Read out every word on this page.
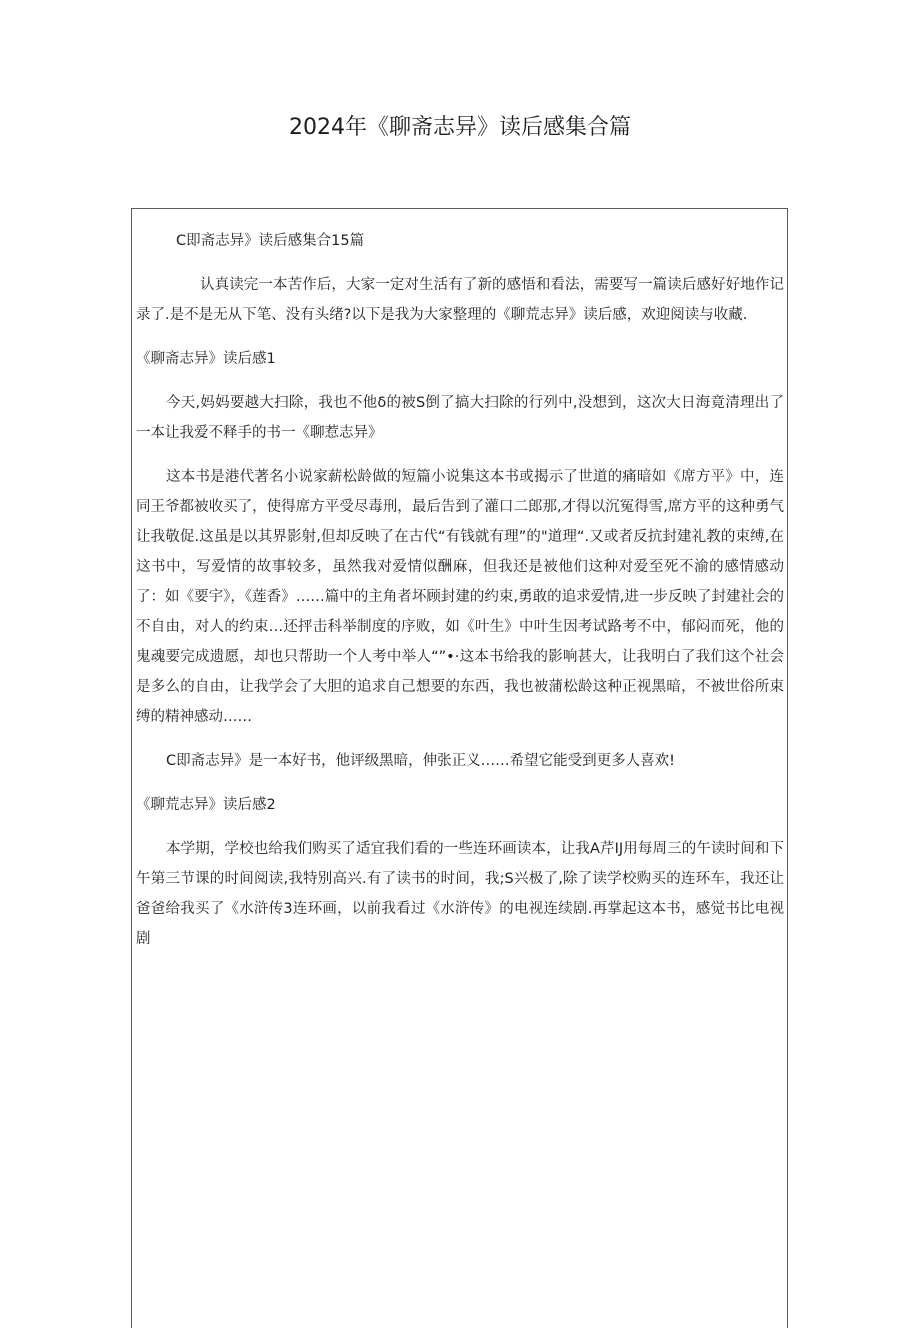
2024年《聊斋志异》读后感集合篇

C即斋志异》读后感集合15篇

认真读完一本苦作后，大家一定对生活有了新的感悟和看法，需要写一篇读后感好好地作记录了.是不是无从下笔、没有头绪?以下是我为大家整理的《聊荒志异》读后感，欢迎阅读与收藏.

《聊斋志异》读后感1

今天,妈妈要越大扫除，我也不他δ的被S倒了搞大扫除的行列中,没想到，这次大日海竟清理出了一本让我爱不释手的书一《聊惹志异》

这本书是港代著名小说家薪松龄做的短篇小说集这本书或揭示了世道的痛暗如《席方平》中，连同王爷都被收买了，使得席方平受尽毒刑，最后告到了灌口二郎那,才得以沉冤得雪,席方平的这种勇气让我敬促.这虽是以其界影射,但却反映了在古代“有钱就有理”的"道理“.又或者反抗封建礼教的束缚,在这书中，写爱情的故事较多，虽然我对爱情似酬麻，但我还是被他们这种对爱至死不渝的感情感动了：如《要宇》，《莲香》……篇中的主角者坏顾封建的约束,勇敢的追求爱情,进一步反映了封建社会的不自由，对人的约束…还抨击科举制度的序败，如《叶生》中叶生因考试路考不中，郁闷而死，他的鬼魂要完成遗愿，却也只帮助一个人考中举人“”•·这本书给我的影响甚大，让我明白了我们这个社会是多么的自由，让我学会了大胆的追求自己想要的东西，我也被蒲松龄这种正视黑暗，不被世俗所束缚的精神感动……

C即斋志异》是一本好书，他评级黑暗，伸张正义……希望它能受到更多人喜欢!

《聊荒志异》读后感2

本学期，学校也给我们购买了适宜我们看的一些连环画读本，让我A芹IJ用每周三的午读时间和下午第三节课的时间阅读,我特别高兴.有了读书的时间，我;S兴极了,除了读学校购买的连环车，我还让爸爸给我买了《水浒传3连环画，以前我看过《水浒传》的电视连续剧.再掌起这本书，感觉书比电视剧
